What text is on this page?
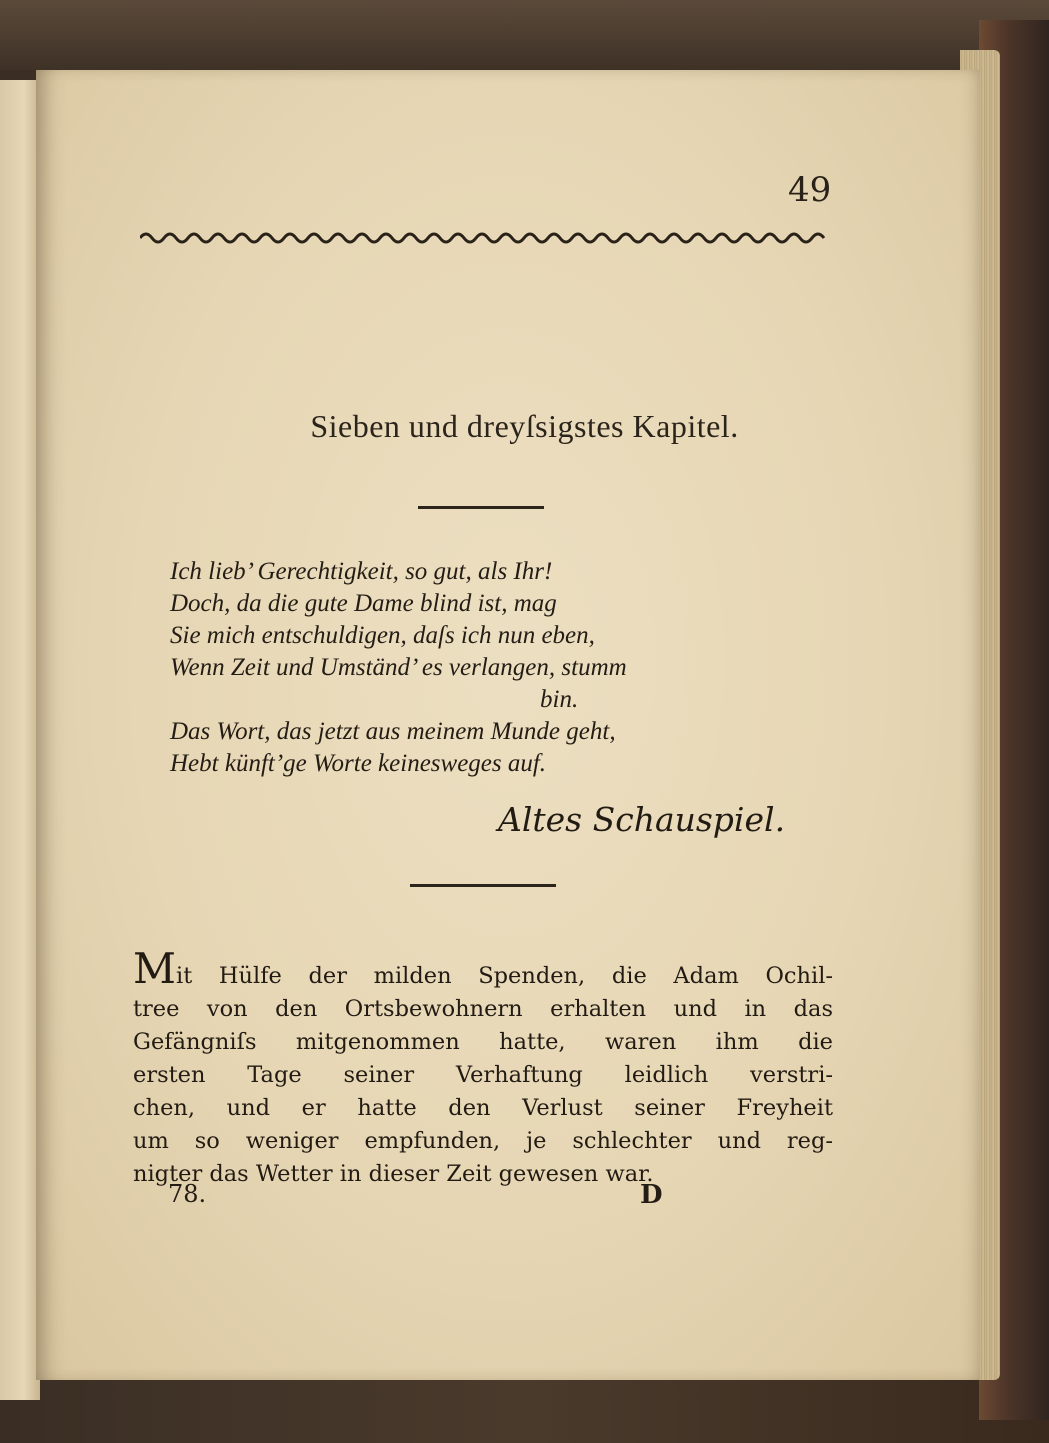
49
Sieben und dreyſsigstes Kapitel.
Ich lieb’ Gerechtigkeit, so gut, als Ihr!
Doch, da die gute Dame blind ist, mag
Sie mich entschuldigen, daſs ich nun eben,
Wenn Zeit und Umständ’ es verlangen, stumm
bin.
Das Wort, das jetzt aus meinem Munde geht,
Hebt künft’ge Worte keinesweges auf.
Altes Schauspiel.
Mit Hülfe der milden Spenden, die Adam Ochil-
tree von den Ortsbewohnern erhalten und in das
Gefängniſs mitgenommen hatte, waren ihm die
ersten Tage seiner Verhaftung leidlich verstri-
chen, und er hatte den Verlust seiner Freyheit
um so weniger empfunden, je schlechter und reg-
nigter das Wetter in dieser Zeit gewesen war.
78.	D
